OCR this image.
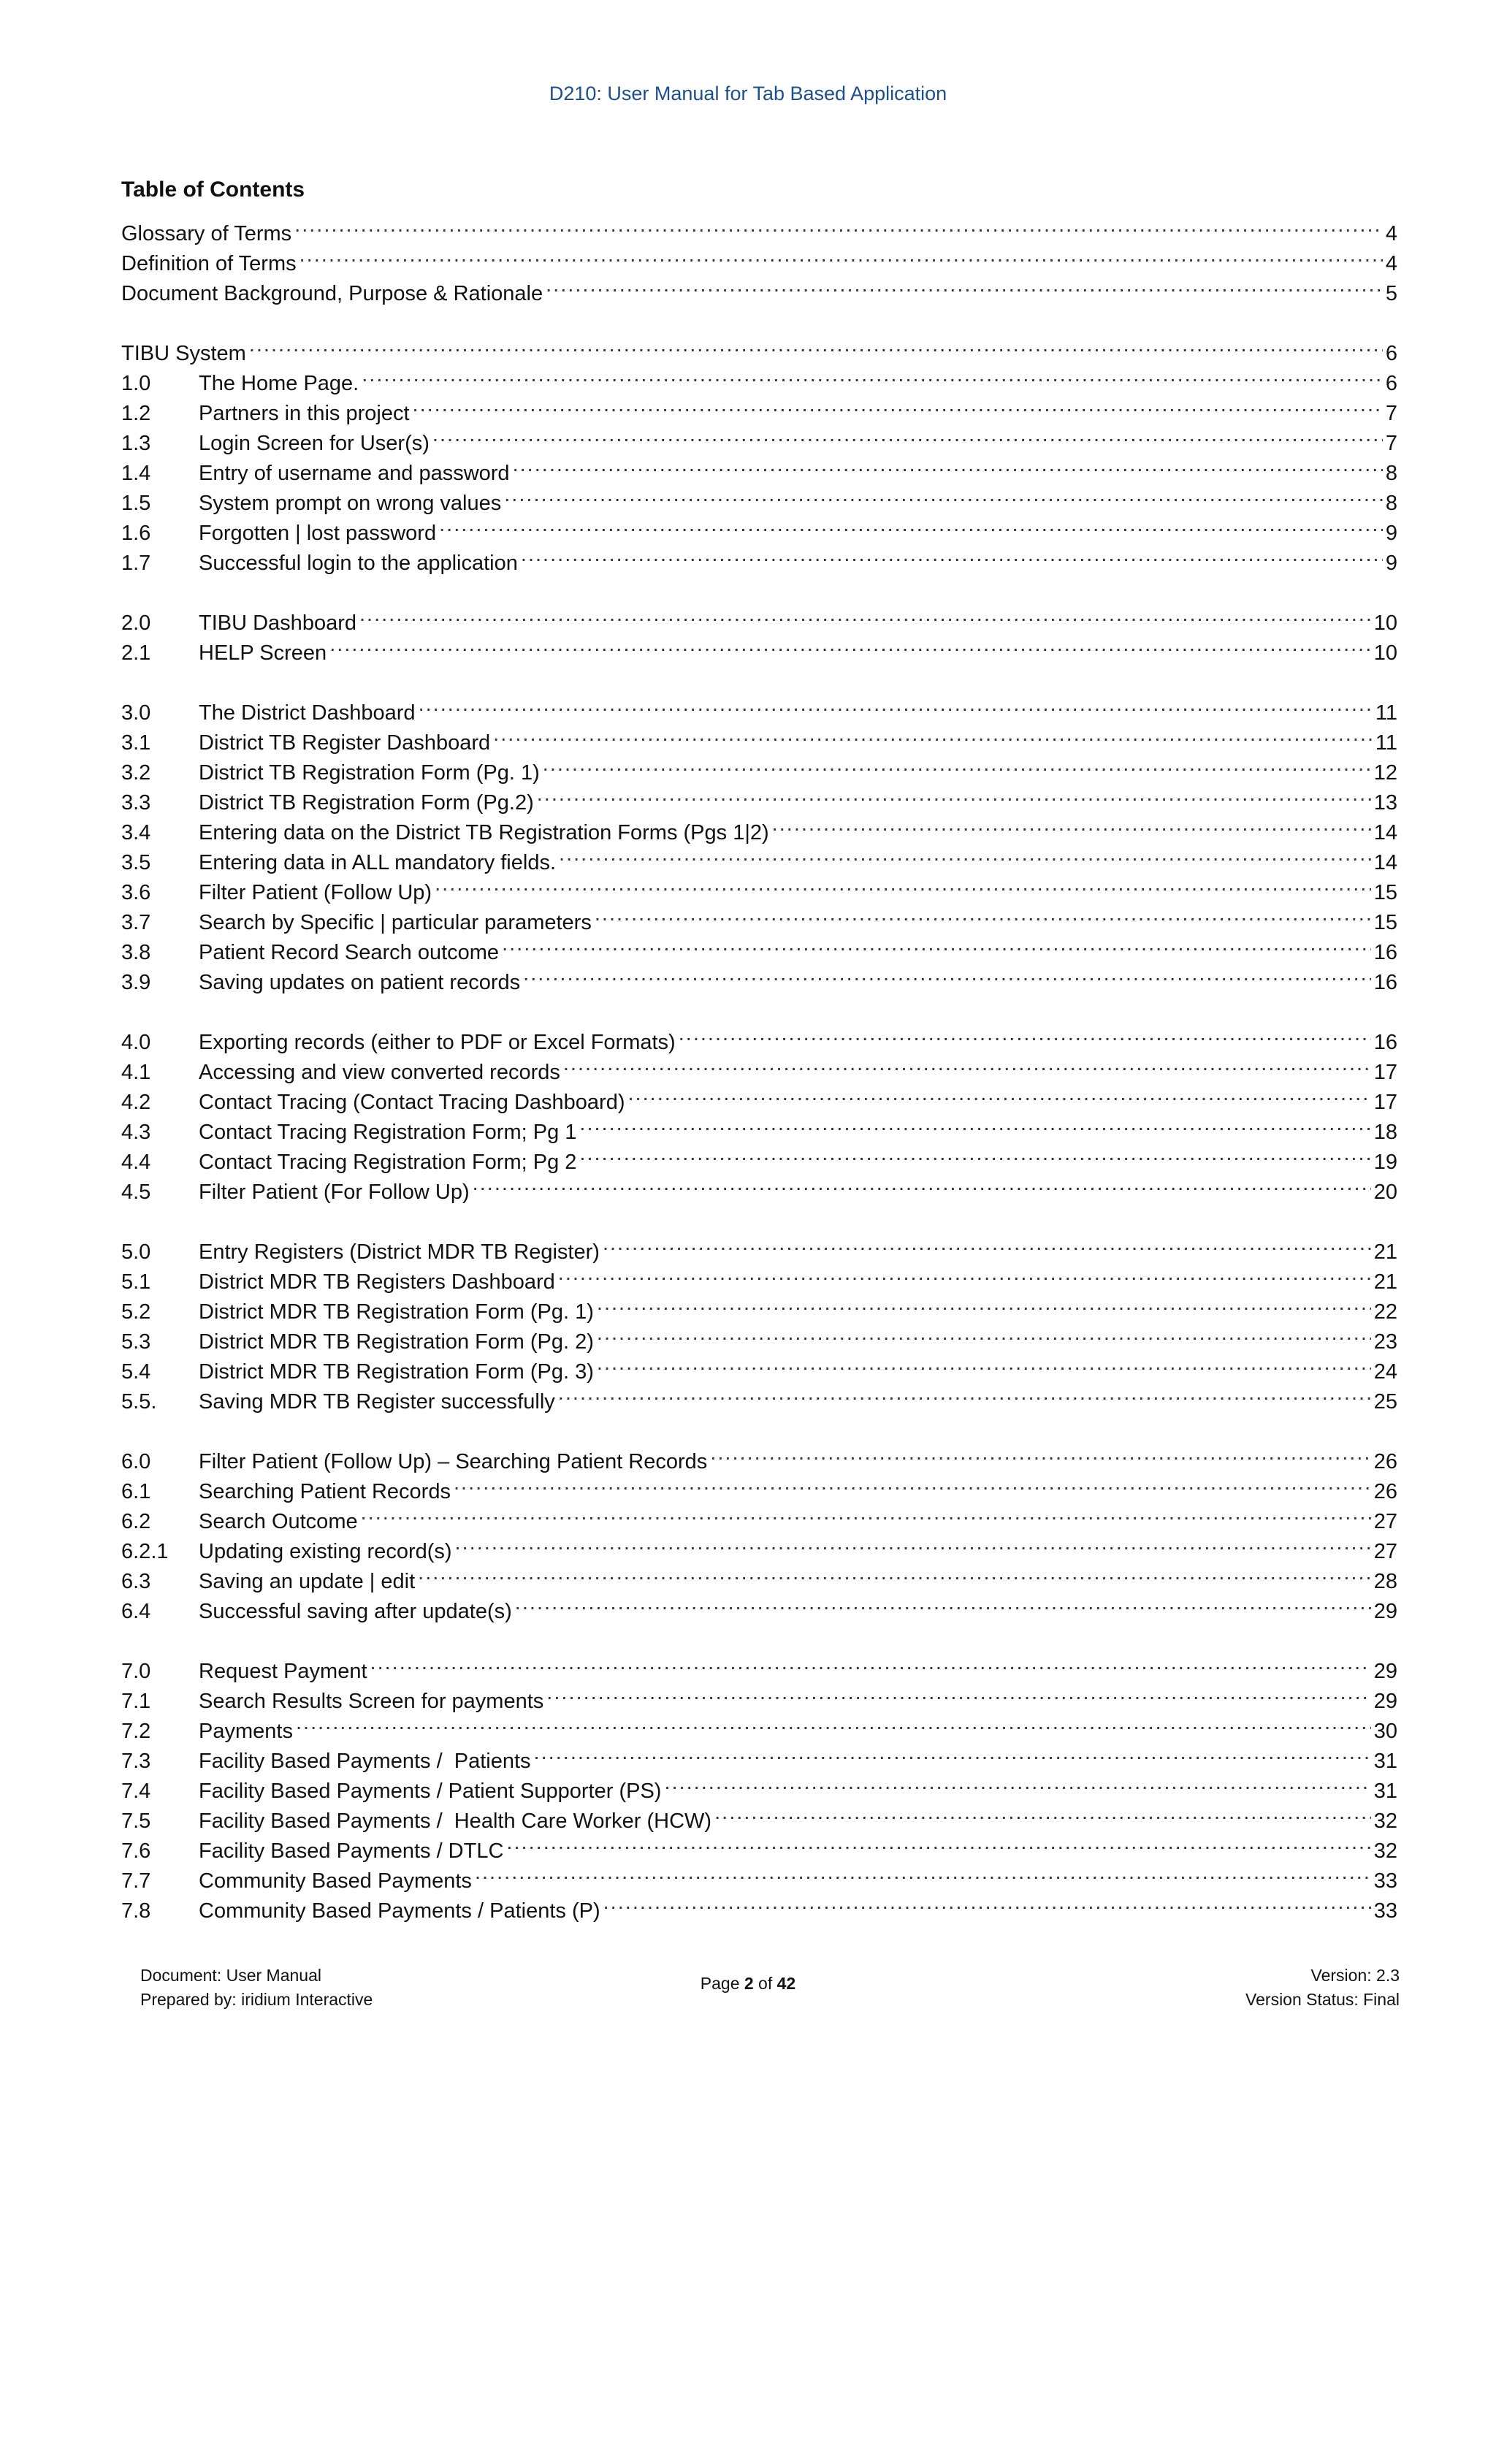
D210: User Manual for Tab Based Application
Table of Contents
Glossary of Terms .....	4
Definition of Terms .....	4
Document Background, Purpose & Rationale .....	5
TIBU System .....	6
1.0	The Home Page. .....	6
1.2	Partners in this project .....	7
1.3	Login Screen for User(s) .....	7
1.4	Entry of username and password .....	8
1.5	System prompt on wrong values .....	8
1.6	Forgotten | lost password .....	9
1.7	Successful login to the application .....	9
2.0	TIBU Dashboard .....	10
2.1	HELP Screen .....	10
3.0	The District Dashboard .....	11
3.1	District TB Register Dashboard .....	11
3.2	District TB Registration Form (Pg. 1) .....	12
3.3	District TB Registration Form (Pg.2) .....	13
3.4	Entering data on the District TB Registration Forms (Pgs 1|2) .....	14
3.5	Entering data in ALL mandatory fields. .....	14
3.6	Filter Patient (Follow Up) .....	15
3.7	Search by Specific | particular parameters .....	15
3.8	Patient Record Search outcome .....	16
3.9	Saving updates on patient records .....	16
4.0	Exporting records (either to PDF or Excel Formats) .....	16
4.1	Accessing and view converted records .....	17
4.2	Contact Tracing (Contact Tracing Dashboard) .....	17
4.3	Contact Tracing Registration Form; Pg 1 .....	18
4.4	Contact Tracing Registration Form; Pg 2 .....	19
4.5	Filter Patient (For Follow Up) .....	20
5.0	Entry Registers (District MDR TB Register) .....	21
5.1	District MDR TB Registers Dashboard .....	21
5.2	District MDR TB Registration Form (Pg. 1) .....	22
5.3	District MDR TB Registration Form (Pg. 2) .....	23
5.4	District MDR TB Registration Form (Pg. 3) .....	24
5.5.	Saving MDR TB Register successfully .....	25
6.0	Filter Patient (Follow Up) – Searching Patient Records .....	26
6.1	Searching Patient Records .....	26
6.2	Search Outcome .....	27
6.2.1	Updating existing record(s) .....	27
6.3	Saving an update | edit .....	28
6.4	Successful saving after update(s) .....	29
7.0	Request Payment .....	29
7.1	Search Results Screen for payments .....	29
7.2	Payments .....	30
7.3	Facility Based Payments /  Patients .....	31
7.4	Facility Based Payments / Patient Supporter (PS) .....	31
7.5	Facility Based Payments /  Health Care Worker (HCW) .....	32
7.6	Facility Based Payments / DTLC .....	32
7.7	Community Based Payments .....	33
7.8	Community Based Payments / Patients (P) .....	33
Document: User Manual
Prepared by: iridium Interactive
Page 2 of 42	Version: 2.3
Version Status: Final
